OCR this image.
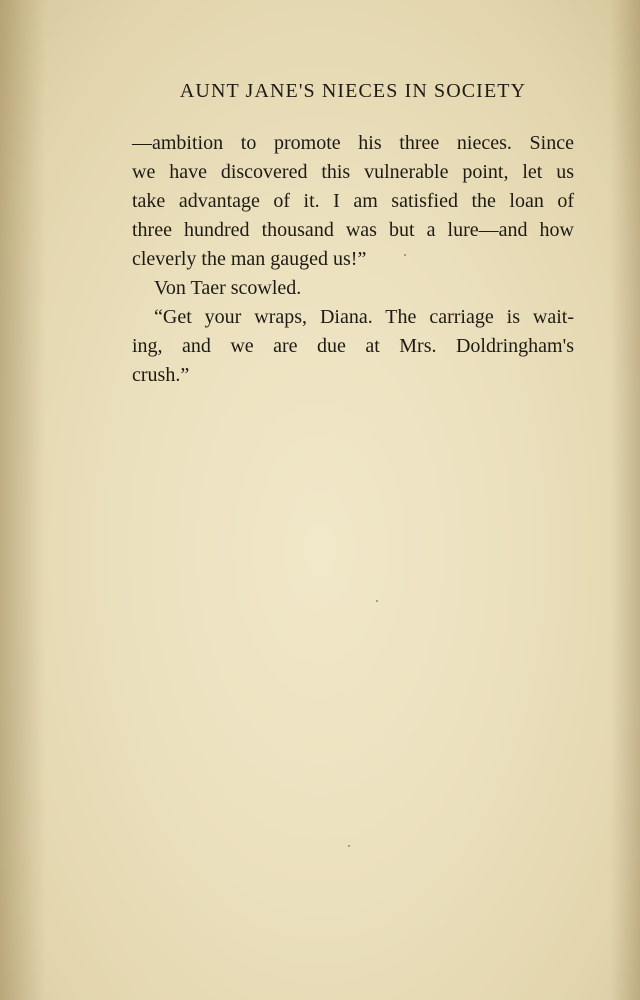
AUNT JANE'S NIECES IN SOCIETY
—ambition to promote his three nieces. Since
we have discovered this vulnerable point, let us
take advantage of it. I am satisfied the loan of
three hundred thousand was but a lure—and how
cleverly the man gauged us!”
Von Taer scowled.
“Get your wraps, Diana. The carriage is wait-
ing, and we are due at Mrs. Doldringham's
crush.”
